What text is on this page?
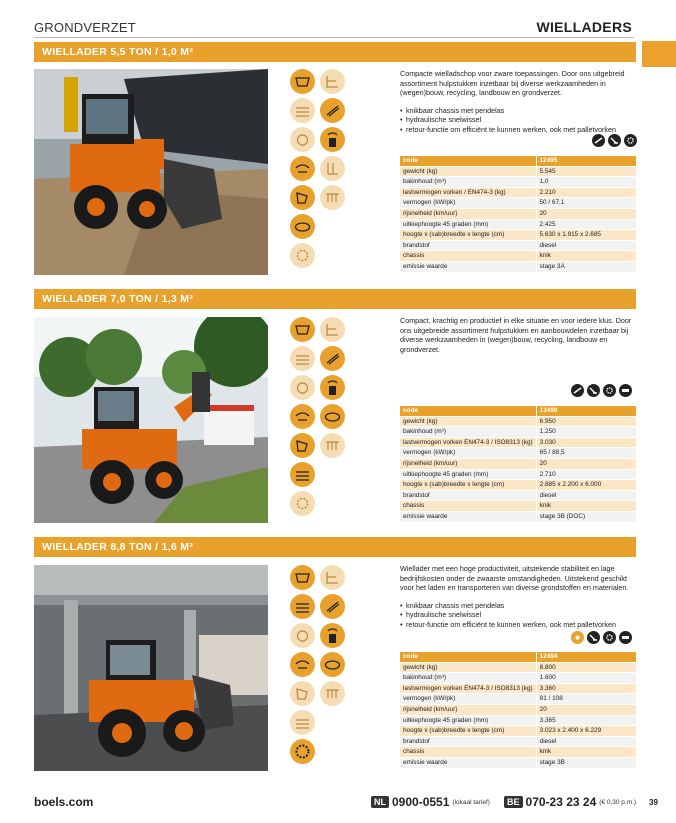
GRONDVERZET	WIELLADERS
WIELLADER 5,5 TON / 1,0 M³

Compacte wielladschop voor zware toepassingen. Door ons uitgebreid assortiment hulpstukken inzetbaar bij diverse werkzaamheden in (wegen)bouw, recycling, landbouw en grondverzet.

• knikbaar chassis met pendelas
• hydraulische snelwissel
• retour-functie om efficiënt te kunnen werken, ook met palletvorken
code	12495
gewicht (kg)	5.545
bakinhoud (m³)	1,0
lastvermogen vorken / EN474-3 (kg)	2.210
vermogen (kW/pk)	50 / 67,1
rijsnelheid (km/uur)	20
uitkiephoogte 45 graden (mm)	2.425
hoogte x (sab)breedte x lengte (cm)	5.630 x 1.915 x 2.685
brandstof	diesel
chassis	knik
emissie waarde	stage 3A
WIELLADER 7,0 TON / 1,3 M³

Compact, krachtig en productief in elke situatie en voor iedere klus. Door ons uitgebreide assortiment hulpstukken en aanbouwdelen inzetbaar bij diverse werkzaamheden in (wegen)bouw, recycling, landbouw en grondverzet.

code	13499
gewicht (kg)	6.950
bakinhoud (m³)	1.250
lastvermogen vorken EN474-3 / ISO8313 (kg)	3.030
vermogen (kW/pk)	65 / 88,5
rijsnelheid (km/uur)	20
uitkiephoogte 45 graden (mm)	2.710
hoogte x (sab)breedte x lengte (cm)	2.885 x 2.200 x 6.000
brandstof	diesel
chassis	knik
emissie waarde	stage 3B (DOC)
WIELLADER 8,8 TON / 1,6 M³

Wiellader met een hoge productiviteit, uitstekende stabiliteit en lage bedrijfskosten onder de zwaarste omstandigheden. Uitstekend geschikt voor het laden en transporteren van diverse grondstoffen en materialen.

• knikbaar chassis met pendelas
• hydraulische snelwissel
• retour-functie om efficiënt te kunnen werken, ook met palletvorken
code	12494
gewicht (kg)	8.800
bakinhoud (m³)	1.600
lastvermogen vorken EN474-3 / ISO8313 (kg)	3.360
vermogen (kW/pk)	81 / 108
rijsnelheid (km/uur)	20
uitkiephoogte 45 graden (mm)	3.365
hoogte x (sab)breedte x lengte (cm)	3.023 x 2.400 x 6.229
brandstof	diesel
chassis	knik
emissie waarde	stage 3B
boels.com	NL 0900-0551 (lokaal tarief)	BE 070-23 23 24 (€ 0,30 p.m.) 39
